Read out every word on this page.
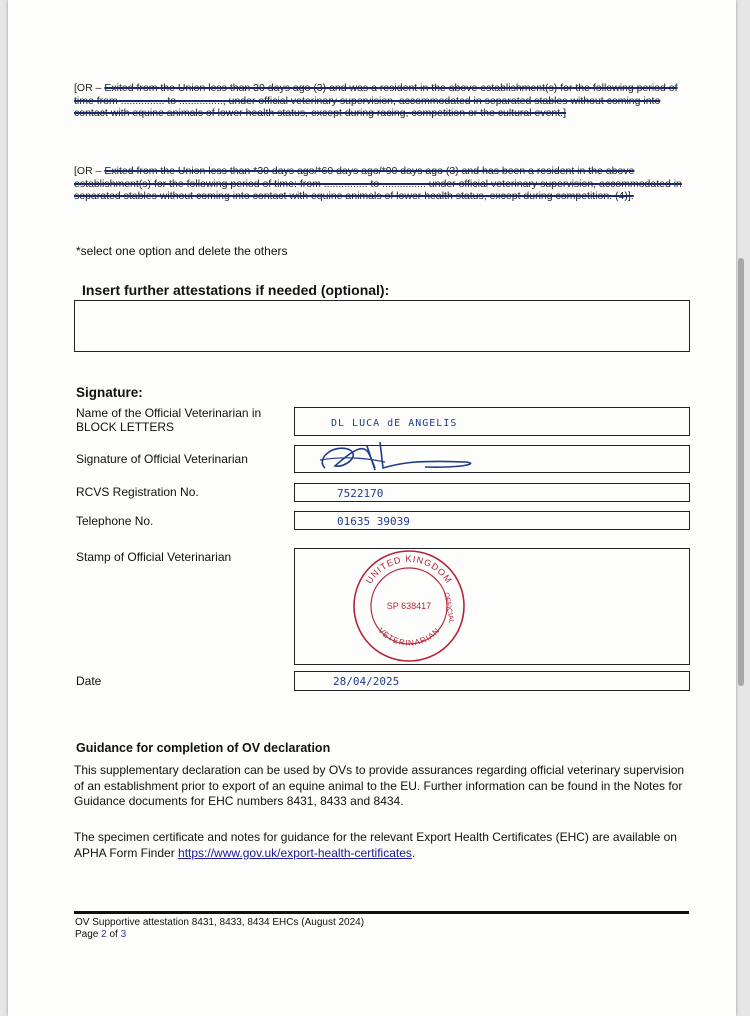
[OR – Exited from the Union less than 30 days ago (3) and was a resident in the above establishment(s) for the following period of time from ............... to ..............., under official veterinary supervision, accommodated in separated stables without coming into contact with equine animals of lower health status, except during racing, competition or the cultural event.]
[OR – Exited from the Union less than *30 days ago/*60 days ago/*90 days ago (3) and has been a resident in the above establishment(s) for the following period of time: from ............... to ............... under official veterinary supervision, accommodated in separated stables without coming into contact with equine animals of lower health status, except during competition. (4)].
*select one option and delete the others
Insert further attestations if needed (optional):
Signature:
Name of the Official Veterinarian in BLOCK LETTERS	DL LUCA dE ANGELIS
Signature of Official Veterinarian
RCVS Registration No.	7522170
Telephone No.	01635 39039
Stamp of Official Veterinarian
UNITED KINGDOM
VETERINARIAN
OFFICIAL
SP 638417
Date	28/04/2025
Guidance for completion of OV declaration
This supplementary declaration can be used by OVs to provide assurances regarding official veterinary supervision of an establishment prior to export of an equine animal to the EU. Further information can be found in the Notes for Guidance documents for EHC numbers 8431, 8433 and 8434.
The specimen certificate and notes for guidance for the relevant Export Health Certificates (EHC) are available on APHA Form Finder https://www.gov.uk/export-health-certificates.
OV Supportive attestation 8431, 8433, 8434 EHCs (August 2024)
Page 2 of 3
